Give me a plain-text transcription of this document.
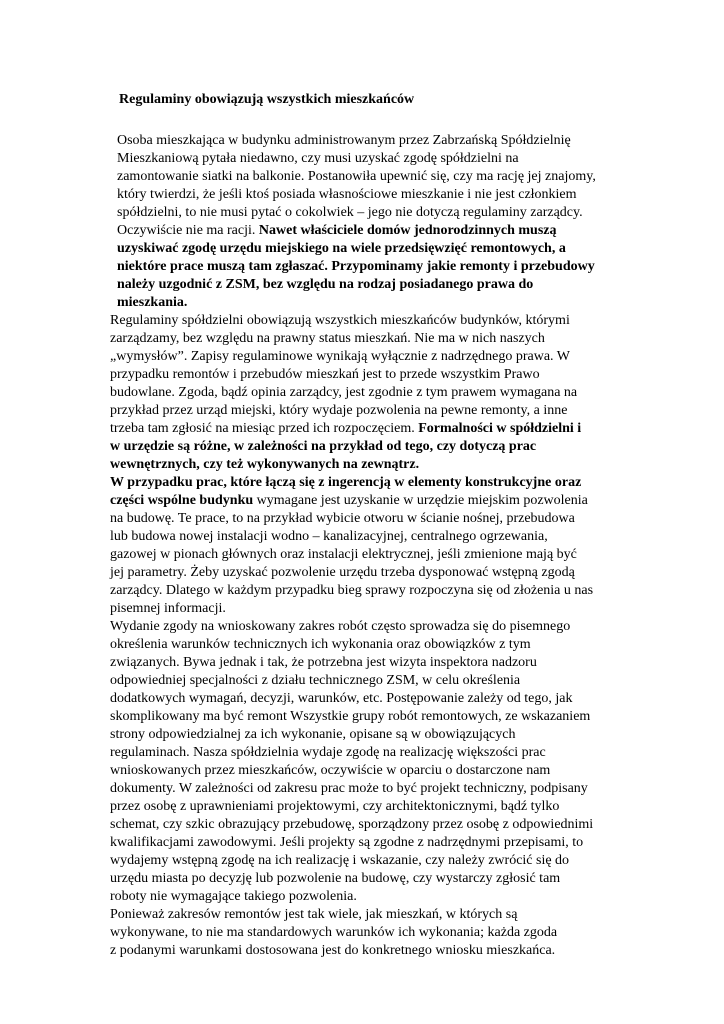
Regulaminy obowiązują wszystkich mieszkańców
Osoba mieszkająca w budynku administrowanym przez Zabrzańską Spółdzielnię
Mieszkaniową pytała niedawno, czy musi uzyskać zgodę spółdzielni na
zamontowanie siatki na balkonie. Postanowiła upewnić się, czy ma rację jej znajomy,
który twierdzi, że jeśli ktoś posiada własnościowe mieszkanie i nie jest członkiem
spółdzielni, to nie musi pytać o cokolwiek – jego nie dotyczą regulaminy zarządcy.
Oczywiście nie ma racji. Nawet właściciele domów jednorodzinnych muszą
uzyskiwać zgodę urzędu miejskiego na wiele przedsięwzięć remontowych, a
niektóre prace muszą tam zgłaszać. Przypominamy jakie remonty i przebudowy
należy uzgodnić z ZSM, bez względu na rodzaj posiadanego prawa do
mieszkania.
Regulaminy spółdzielni obowiązują wszystkich mieszkańców budynków, którymi
zarządzamy, bez względu na prawny status mieszkań. Nie ma w nich naszych
„wymysłów”. Zapisy regulaminowe wynikają wyłącznie z nadrzędnego prawa. W
przypadku remontów i przebudów mieszkań jest to przede wszystkim Prawo
budowlane. Zgoda, bądź opinia zarządcy, jest zgodnie z tym prawem wymagana na
przykład przez urząd miejski, który wydaje pozwolenia na pewne remonty, a inne
trzeba tam zgłosić na miesiąc przed ich rozpoczęciem. Formalności w spółdzielni i
w urzędzie są różne, w zależności na przykład od tego, czy dotyczą prac
wewnętrznych, czy też wykonywanych na zewnątrz.
W przypadku prac, które łączą się z ingerencją w elementy konstrukcyjne oraz
części wspólne budynku wymagane jest uzyskanie w urzędzie miejskim pozwolenia
na budowę. Te prace, to na przykład wybicie otworu w ścianie nośnej, przebudowa
lub budowa nowej instalacji wodno – kanalizacyjnej, centralnego ogrzewania,
gazowej w pionach głównych oraz instalacji elektrycznej, jeśli zmienione mają być
jej parametry. Żeby uzyskać pozwolenie urzędu trzeba dysponować wstępną zgodą
zarządcy. Dlatego w każdym przypadku bieg sprawy rozpoczyna się od złożenia u nas
pisemnej informacji.
Wydanie zgody na wnioskowany zakres robót często sprowadza się do pisemnego
określenia warunków technicznych ich wykonania oraz obowiązków z tym
związanych. Bywa jednak i tak, że potrzebna jest wizyta inspektora nadzoru
odpowiedniej specjalności z działu technicznego ZSM, w celu określenia
dodatkowych wymagań, decyzji, warunków, etc. Postępowanie zależy od tego, jak
skomplikowany ma być remont Wszystkie grupy robót remontowych, ze wskazaniem
strony odpowiedzialnej za ich wykonanie, opisane są w obowiązujących
regulaminach. Nasza spółdzielnia wydaje zgodę na realizację większości prac
wnioskowanych przez mieszkańców, oczywiście w oparciu o dostarczone nam
dokumenty. W zależności od zakresu prac może to być projekt techniczny, podpisany
przez osobę z uprawnieniami projektowymi, czy architektonicznymi, bądź tylko
schemat, czy szkic obrazujący przebudowę, sporządzony przez osobę z odpowiednimi
kwalifikacjami zawodowymi. Jeśli projekty są zgodne z nadrzędnymi przepisami, to
wydajemy wstępną zgodę na ich realizację i wskazanie, czy należy zwrócić się do
urzędu miasta po decyzję lub pozwolenie na budowę, czy wystarczy zgłosić tam
roboty nie wymagające takiego pozwolenia.
Ponieważ zakresów remontów jest tak wiele, jak mieszkań, w których są
wykonywane, to nie ma standardowych warunków ich wykonania; każda zgoda
z podanymi warunkami dostosowana jest do konkretnego wniosku mieszkańca.
